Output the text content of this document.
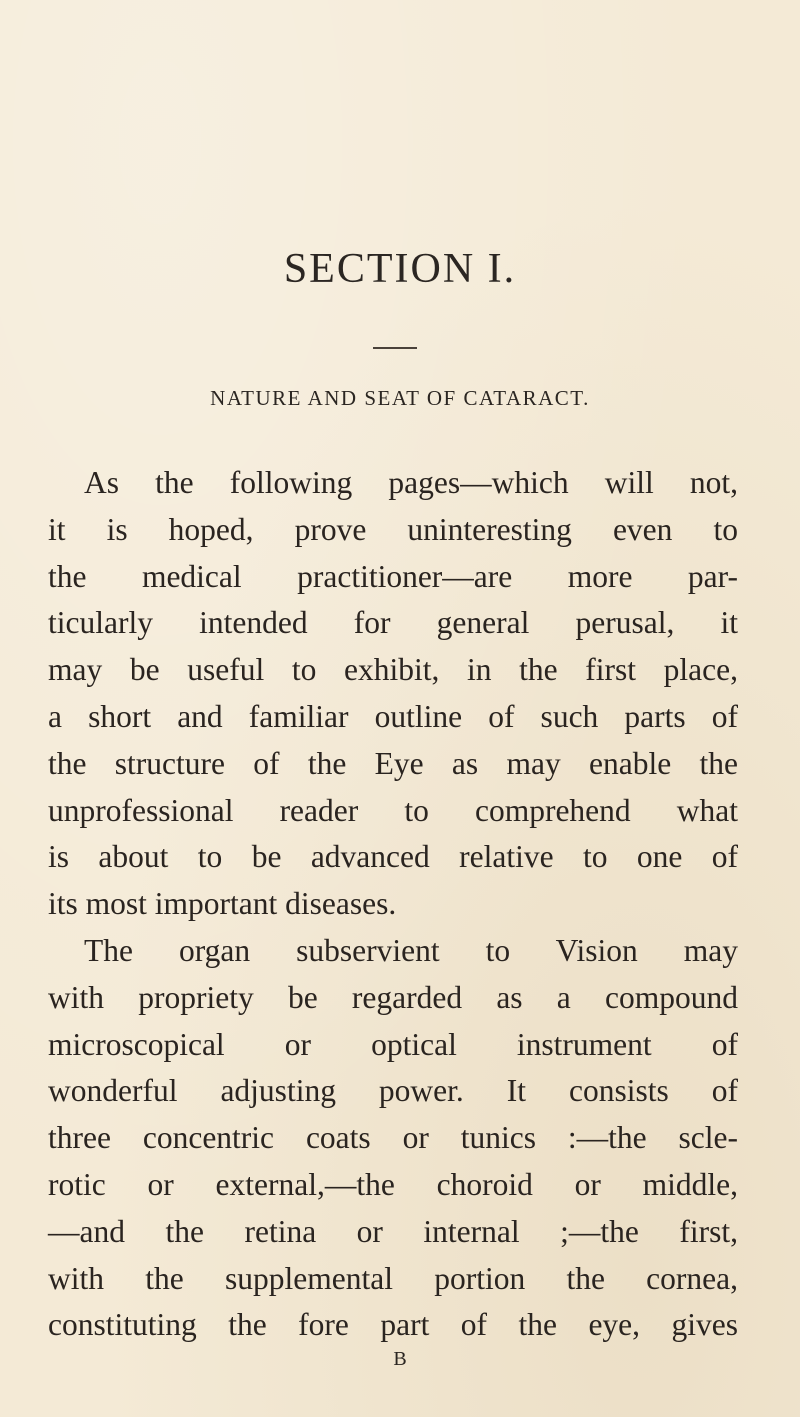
SECTION I.
NATURE AND SEAT OF CATARACT.
As the following pages—which will not,
it is hoped, prove uninteresting even to
the medical practitioner—are more par-
ticularly intended for general perusal, it
may be useful to exhibit, in the first place,
a short and familiar outline of such parts of
the structure of the Eye as may enable the
unprofessional reader to comprehend what
is about to be advanced relative to one of
its most important diseases.
The organ subservient to Vision may
with propriety be regarded as a compound
microscopical or optical instrument of
wonderful adjusting power. It consists of
three concentric coats or tunics :—the scle-
rotic or external,—the choroid or middle,
—and the retina or internal ;—the first,
with the supplemental portion the cornea,
constituting the fore part of the eye, gives
B
